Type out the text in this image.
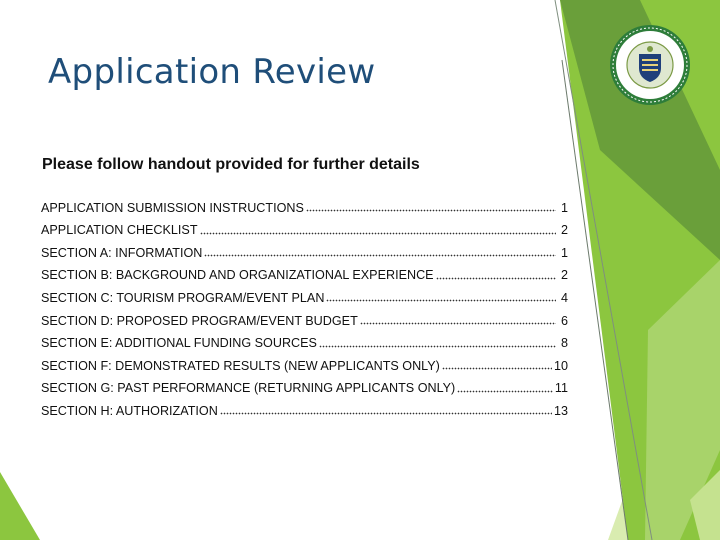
Application Review

Please follow handout provided for further details

APPLICATION SUBMISSION INSTRUCTIONS	1
APPLICATION CHECKLIST	2
SECTION A: INFORMATION	1
SECTION B: BACKGROUND AND ORGANIZATIONAL EXPERIENCE	2
SECTION C: TOURISM PROGRAM/EVENT PLAN	4
SECTION D: PROPOSED PROGRAM/EVENT BUDGET	6
SECTION E: ADDITIONAL FUNDING SOURCES	8
SECTION F: DEMONSTRATED RESULTS (NEW APPLICANTS ONLY)	10
SECTION G: PAST PERFORMANCE (RETURNING APPLICANTS ONLY)	11
SECTION H: AUTHORIZATION	13
